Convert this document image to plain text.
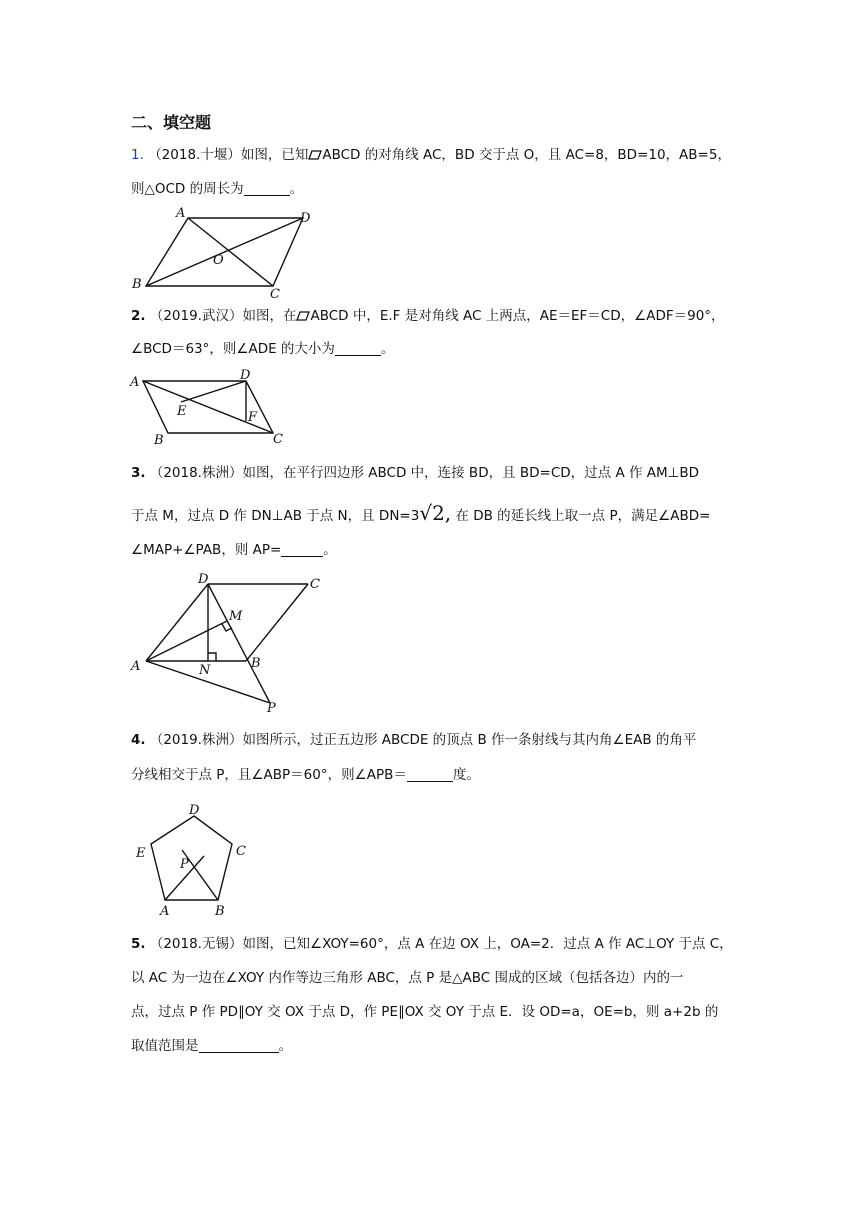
二、填空题
1. （2018.十堰）如图，已知 ABCD 的对角线 AC，BD 交于点 O，且 AC=8，BD=10，AB=5，
则△OCD 的周长为	。
A	D
B
C
O
2. （2019.武汉）如图，在 ABCD 中，E.F 是对角线 AC 上两点，AE＝EF＝CD，∠ADF＝90°，
∠BCD＝63°，则∠ADE 的大小为	。
A	D
E	F
B	C
3. （2018.株洲）如图，在平行四边形 ABCD 中，连接 BD，且 BD=CD，过点 A 作 AM⊥BD
于点 M，过点 D 作 DN⊥AB 于点 N，且 DN=3√2, 在 DB 的延长线上取一点 P，满足∠ABD=
∠MAP+∠PAB，则 AP=	。
D	C
M
A	N	B
P
4. （2019.株洲）如图所示，过正五边形 ABCDE 的顶点 B 作一条射线与其内角∠EAB 的角平
分线相交于点 P，且∠ABP＝60°，则∠APB＝	度。
D
E	C
P
A	B
5. （2018.无锡）如图，已知∠XOY=60°，点 A 在边 OX 上，OA=2．过点 A 作 AC⊥OY 于点 C，
以 AC 为一边在∠XOY 内作等边三角形 ABC，点 P 是△ABC 围成的区域（包括各边）内的一
点，过点 P 作 PD∥OY 交 OX 于点 D，作 PE∥OX 交 OY 于点 E．设 OD=a，OE=b，则 a+2b 的
取值范围是	。
